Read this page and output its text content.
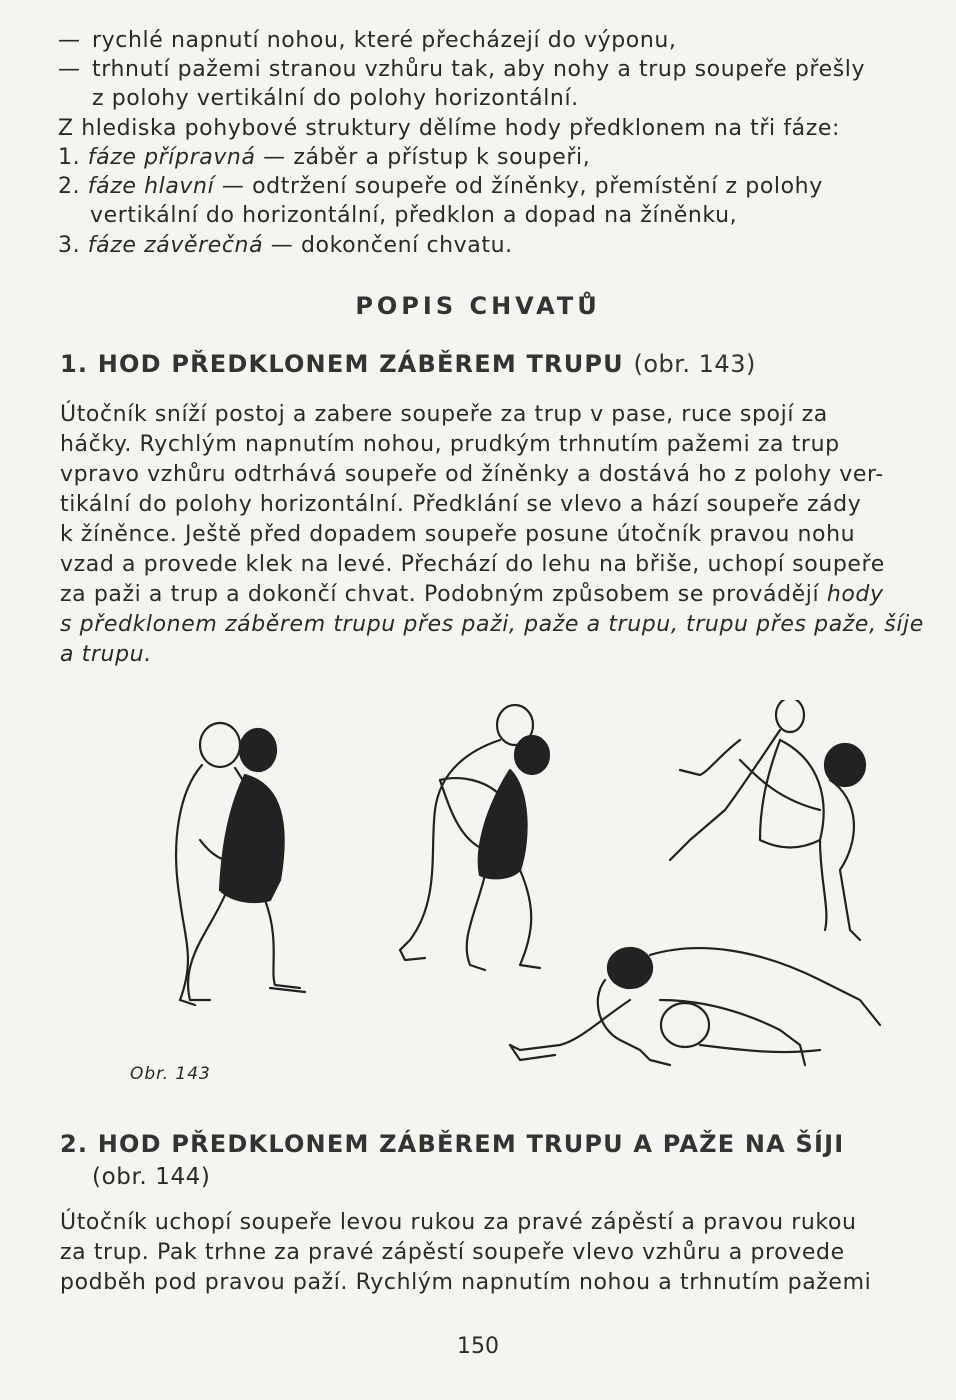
— rychlé napnutí nohou, které přecházejí do výponu,
— trhnutí pažemi stranou vzhůru tak, aby nohy a trup soupeře přešly
z polohy vertikální do polohy horizontální.
Z hlediska pohybové struktury dělíme hody předklonem na tři fáze:
1. fáze přípravná — záběr a přístup k soupeři,
2. fáze hlavní — odtržení soupeře od žíněnky, přemístění z polohy
vertikální do horizontální, předklon a dopad na žíněnku,
3. fáze závěrečná — dokončení chvatu.
POPIS CHVATŮ
1. HOD PŘEDKLONEM ZÁBĚREM TRUPU (obr. 143)
Útočník sníží postoj a zabere soupeře za trup v pase, ruce spojí za
háčky. Rychlým napnutím nohou, prudkým trhnutím pažemi za trup
vpravo vzhůru odtrhává soupeře od žíněnky a dostává ho z polohy ver-
tikální do polohy horizontální. Předklání se vlevo a hází soupeře zády
k žíněnce. Ještě před dopadem soupeře posune útočník pravou nohu
vzad a provede klek na levé. Přechází do lehu na břiše, uchopí soupeře
za paži a trup a dokončí chvat. Podobným způsobem se provádějí hody
s předklonem záběrem trupu přes paži, paže a trupu, trupu přes paže, šíje
a trupu.
Obr. 143
2. HOD PŘEDKLONEM ZÁBĚREM TRUPU A PAŽE NA ŠÍJI
(obr. 144)
Útočník uchopí soupeře levou rukou za pravé zápěstí a pravou rukou
za trup. Pak trhne za pravé zápěstí soupeře vlevo vzhůru a provede
podběh pod pravou paží. Rychlým napnutím nohou a trhnutím pažemi
150
